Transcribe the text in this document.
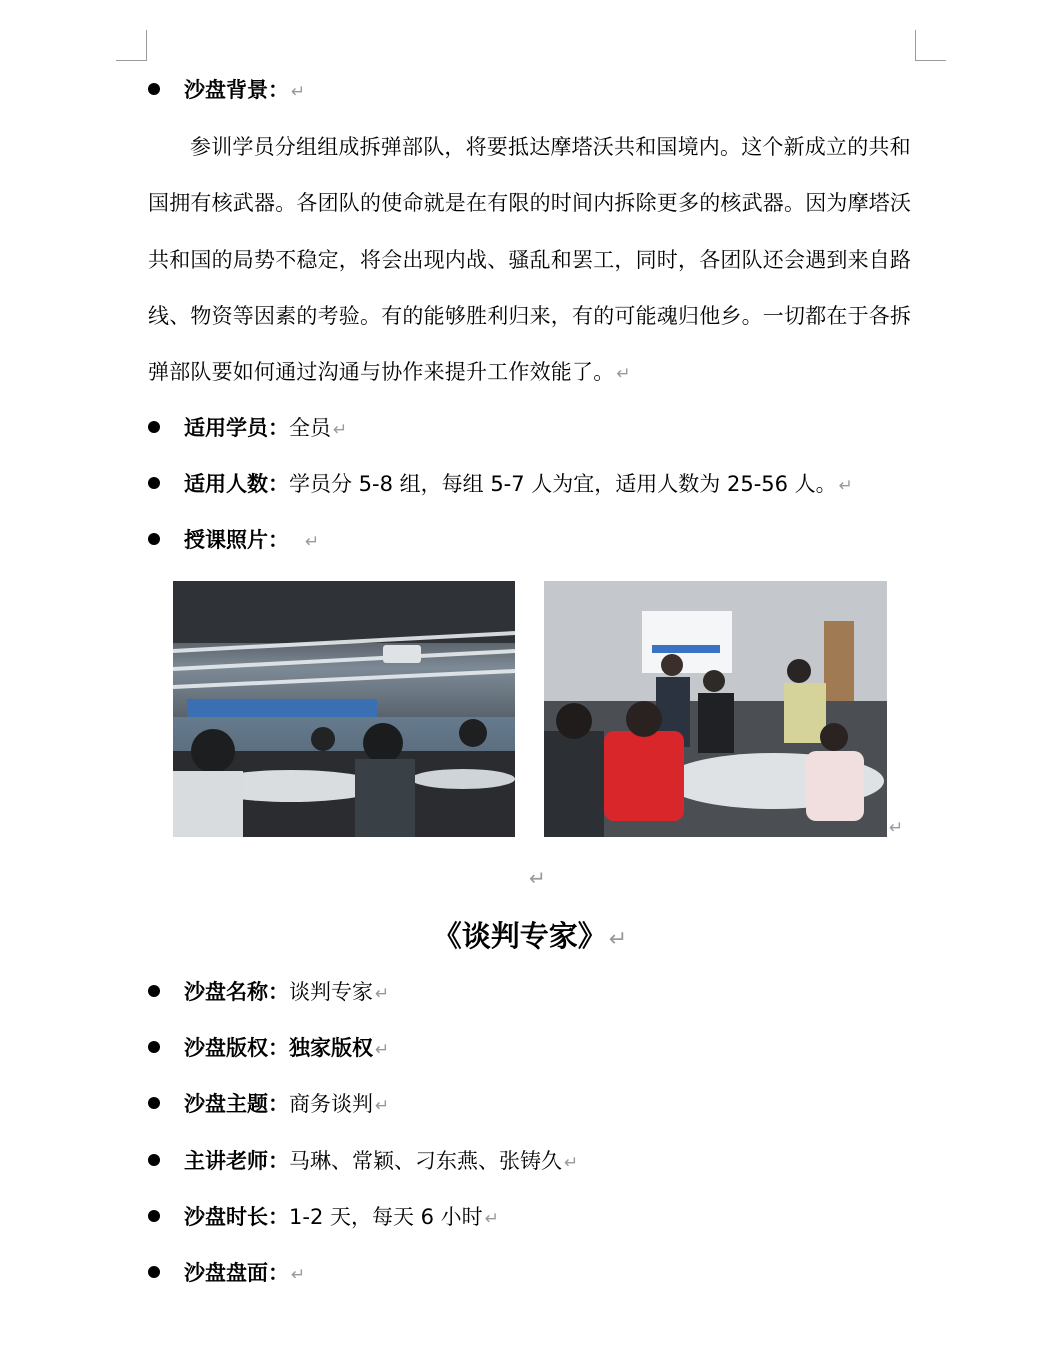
沙盘背景： ↵
参训学员分组组成拆弹部队，将要抵达摩塔沃共和国境内。这个新成立的共和
国拥有核武器。各团队的使命就是在有限的时间内拆除更多的核武器。因为摩塔沃
共和国的局势不稳定，将会出现内战、骚乱和罢工，同时，各团队还会遇到来自路
线、物资等因素的考验。有的能够胜利归来，有的可能魂归他乡。一切都在于各拆
弹部队要如何通过沟通与协作来提升工作效能了。 ↵
适用学员：全员 ↵
适用人数：学员分 5-8 组，每组 5-7 人为宜，适用人数为 25-56 人。 ↵
授课照片： ↵
↵
↵
《谈判专家》↵
沙盘名称：谈判专家 ↵
沙盘版权：独家版权 ↵
沙盘主题：商务谈判 ↵
主讲老师：马琳、常颖、刁东燕、张铸久 ↵
沙盘时长：1-2 天，每天 6 小时 ↵
沙盘盘面： ↵
